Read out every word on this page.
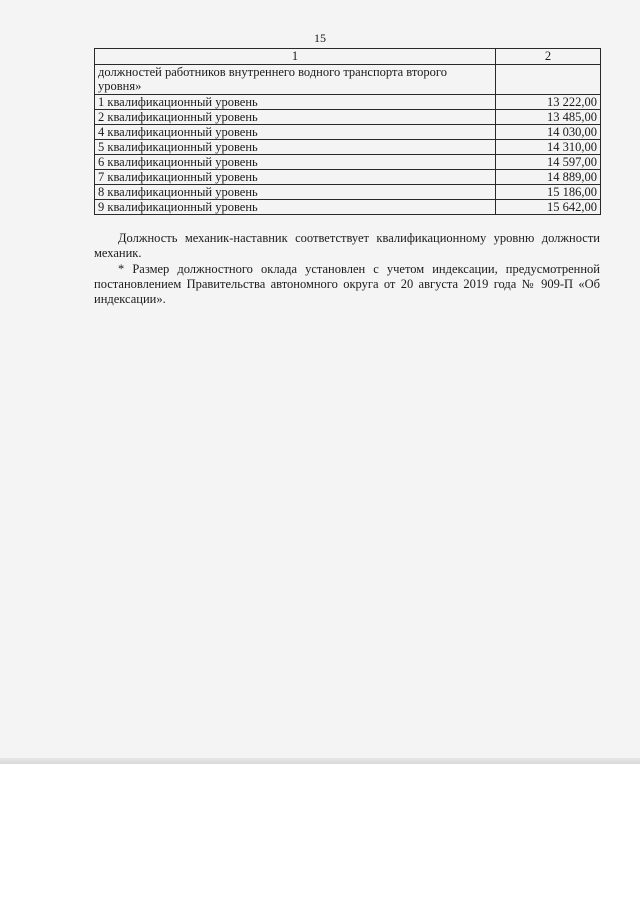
15
1	2
должностей работников внутреннего водного транспорта второго уровня»	
1 квалификационный уровень	13 222,00
2 квалификационный уровень	13 485,00
4 квалификационный уровень	14 030,00
5 квалификационный уровень	14 310,00
6 квалификационный уровень	14 597,00
7 квалификационный уровень	14 889,00
8 квалификационный уровень	15 186,00
9 квалификационный уровень	15 642,00

Должность механик-наставник соответствует квалификационному уровню должности механик.

* Размер должностного оклада установлен с учетом индексации, предусмотренной постановлением Правительства автономного округа от 20 августа 2019 года № 909-П «Об индексации».
